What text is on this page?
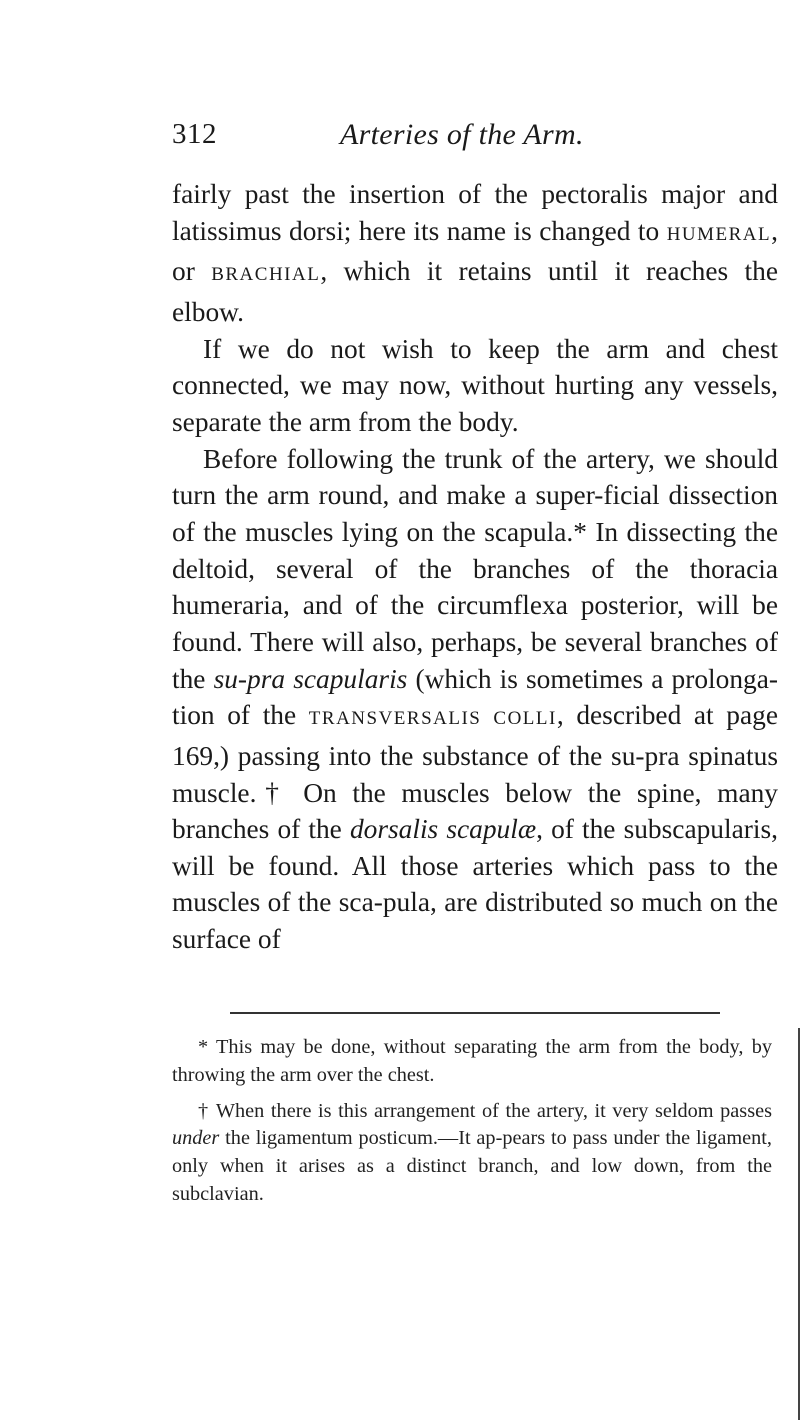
312	Arteries of the Arm.

fairly past the insertion of the pectoralis major and latissimus dorsi; here its name is changed to HUMERAL, or BRACHIAL, which it retains until it reaches the elbow.

If we do not wish to keep the arm and chest connected, we may now, without hurting any vessels, separate the arm from the body.

Before following the trunk of the artery, we should turn the arm round, and make a super-ficial dissection of the muscles lying on the scapula.* In dissecting the deltoid, several of the branches of the thoracia humeraria, and of the circumflexa posterior, will be found. There will also, perhaps, be several branches of the su-pra scapularis (which is sometimes a prolonga-tion of the TRANSVERSALIS COLLI, described at page 169,) passing into the substance of the su-pra spinatus muscle.† On the muscles below the spine, many branches of the dorsalis scapulæ, of the subscapularis, will be found. All those arteries which pass to the muscles of the sca-pula, are distributed so much on the surface of

* This may be done, without separating the arm from the body, by throwing the arm over the chest.

† When there is this arrangement of the artery, it very seldom passes under the ligamentum posticum.—It ap-pears to pass under the ligament, only when it arises as a distinct branch, and low down, from the subclavian.
